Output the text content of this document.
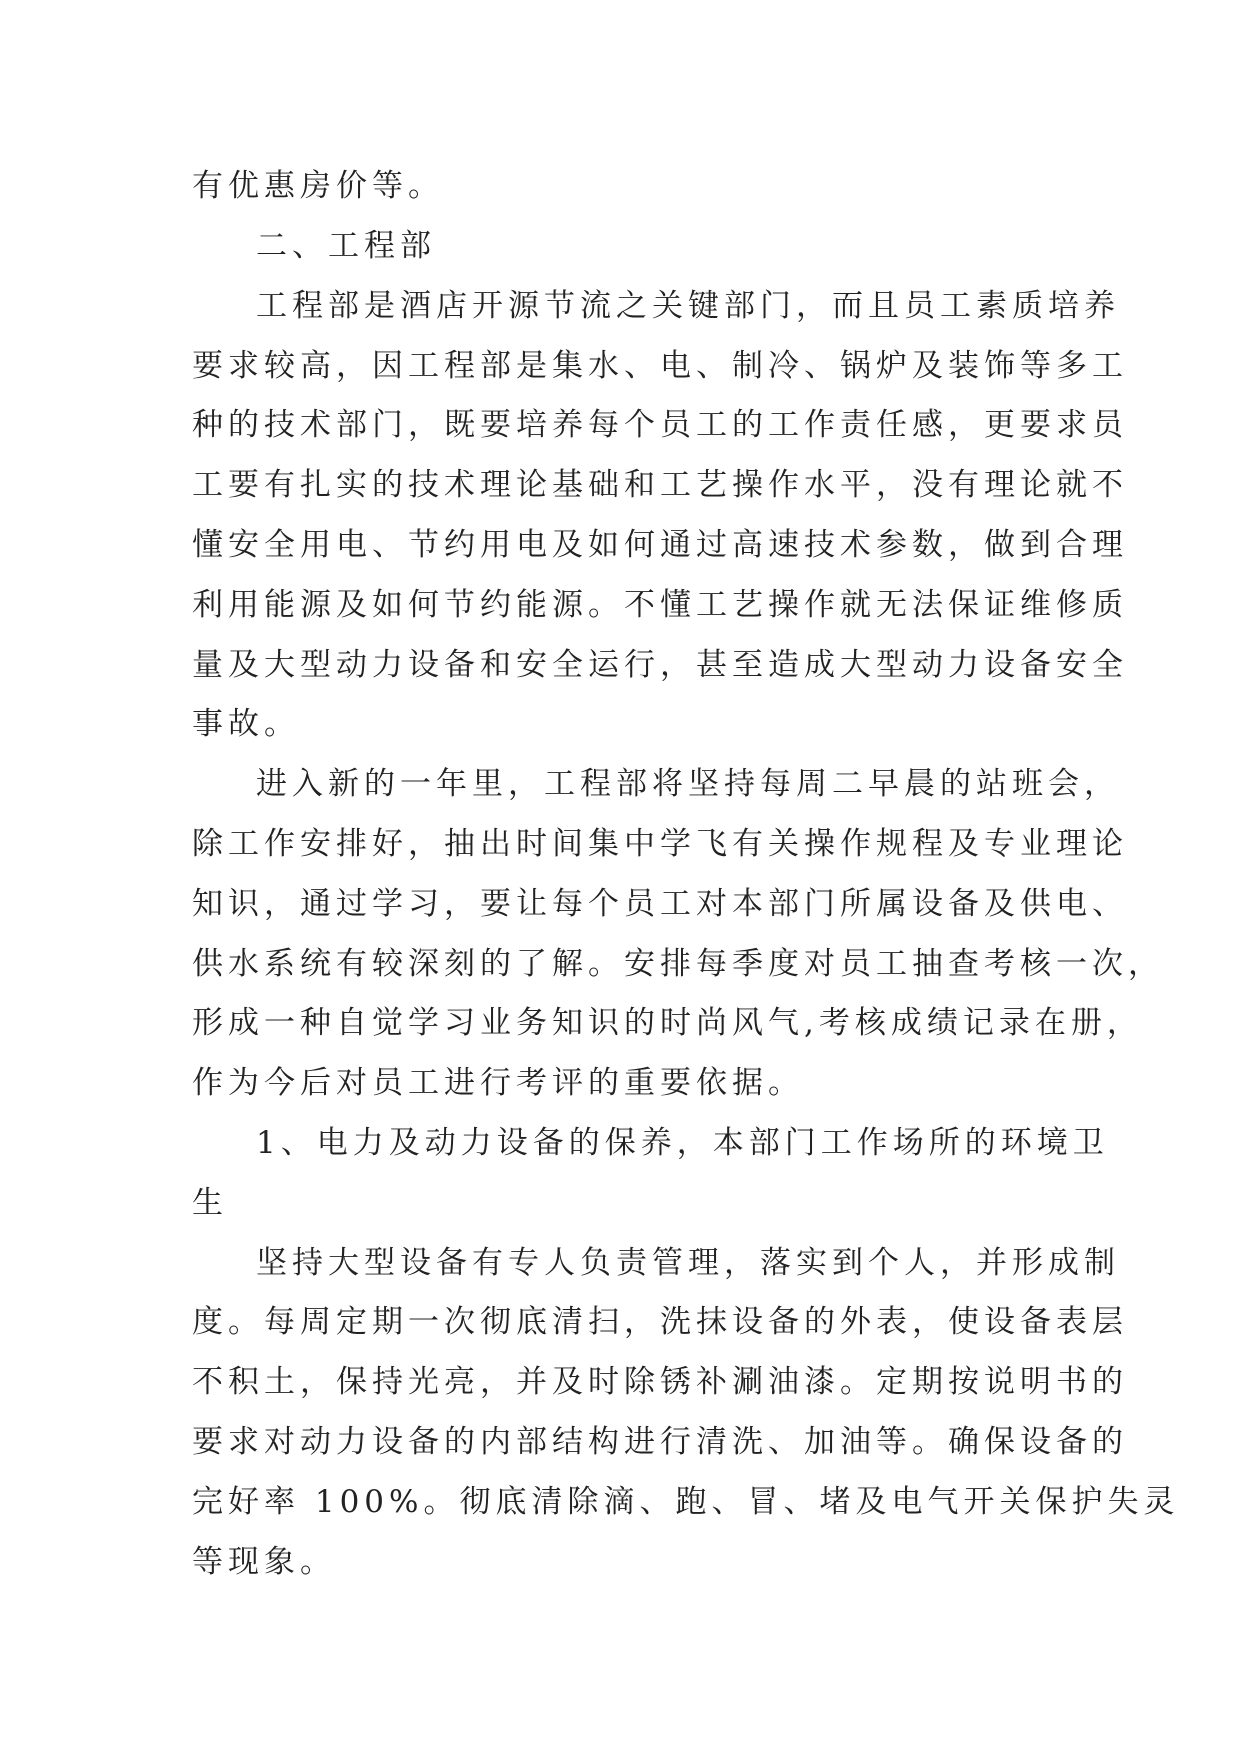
有优惠房价等。
二、工程部
工程部是酒店开源节流之关键部门，而且员工素质培养
要求较高，因工程部是集水、电、制冷、锅炉及装饰等多工
种的技术部门，既要培养每个员工的工作责任感，更要求员
工要有扎实的技术理论基础和工艺操作水平，没有理论就不
懂安全用电、节约用电及如何通过高速技术参数，做到合理
利用能源及如何节约能源。不懂工艺操作就无法保证维修质
量及大型动力设备和安全运行，甚至造成大型动力设备安全
事故。
进入新的一年里，工程部将坚持每周二早晨的站班会，
除工作安排好，抽出时间集中学飞有关操作规程及专业理论
知识，通过学习，要让每个员工对本部门所属设备及供电、
供水系统有较深刻的了解。安排每季度对员工抽查考核一次，
形成一种自觉学习业务知识的时尚风气,考核成绩记录在册，
作为今后对员工进行考评的重要依据。
1、电力及动力设备的保养，本部门工作场所的环境卫
生
坚持大型设备有专人负责管理，落实到个人，并形成制
度。每周定期一次彻底清扫，洗抹设备的外表，使设备表层
不积土，保持光亮，并及时除锈补涮油漆。定期按说明书的
要求对动力设备的内部结构进行清洗、加油等。确保设备的
完好率 100%。彻底清除滴、跑、冒、堵及电气开关保护失灵
等现象。
